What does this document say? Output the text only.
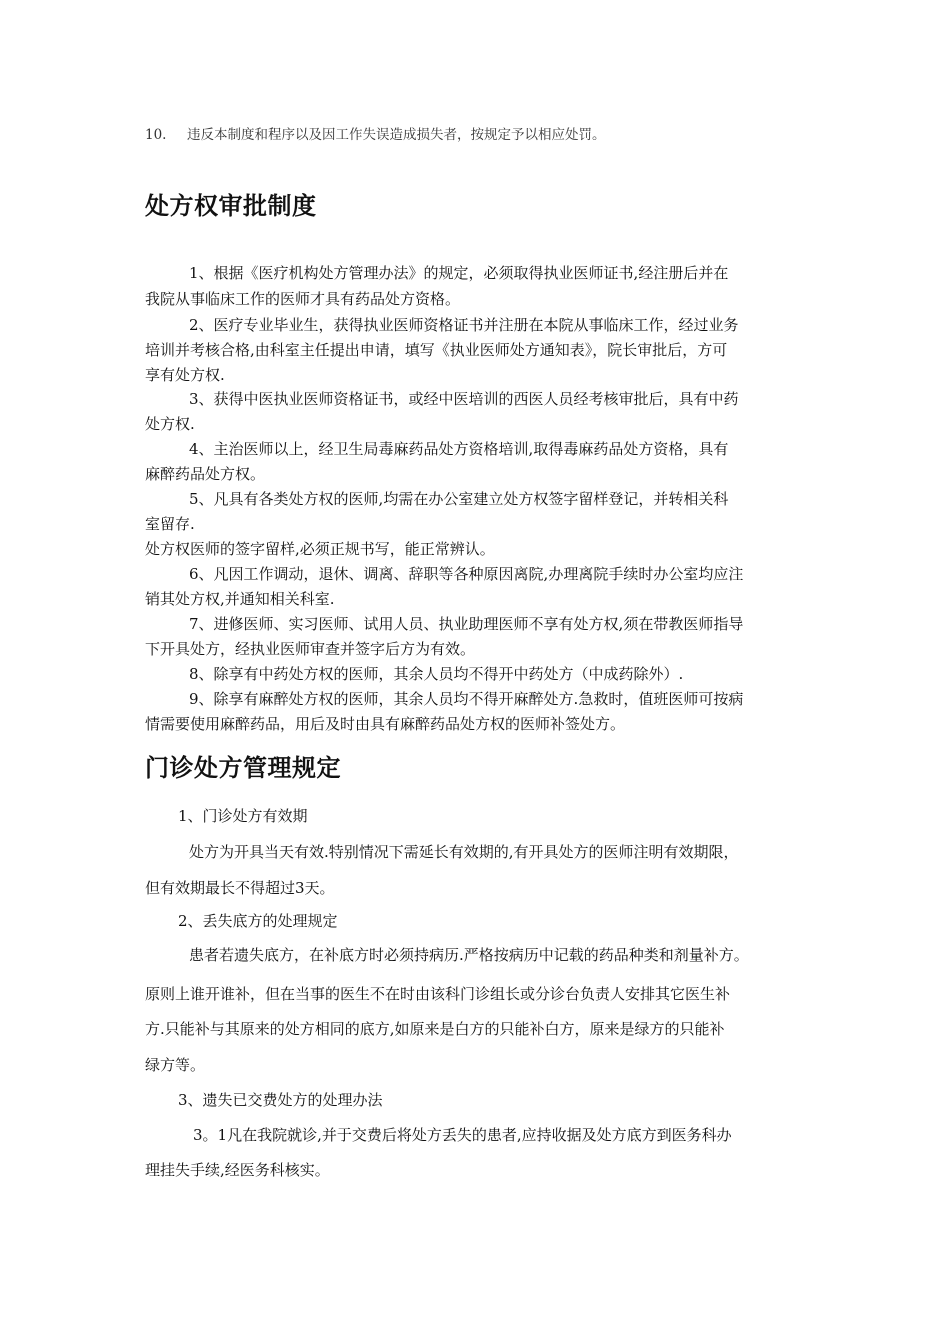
10. 违反本制度和程序以及因工作失误造成损失者，按规定予以相应处罚。
处方权审批制度
1、根据《医疗机构处方管理办法》的规定，必须取得执业医师证书,经注册后并在
我院从事临床工作的医师才具有药品处方资格。
2、医疗专业毕业生，获得执业医师资格证书并注册在本院从事临床工作，经过业务
培训并考核合格,由科室主任提出申请，填写《执业医师处方通知表》，院长审批后，方可
享有处方权.
3、获得中医执业医师资格证书，或经中医培训的西医人员经考核审批后，具有中药
处方权.
4、主治医师以上，经卫生局毒麻药品处方资格培训,取得毒麻药品处方资格，具有
麻醉药品处方权。
5、凡具有各类处方权的医师,均需在办公室建立处方权签字留样登记，并转相关科
室留存.
处方权医师的签字留样,必须正规书写，能正常辨认。
6、凡因工作调动，退休、调离、辞职等各种原因离院,办理离院手续时办公室均应注
销其处方权,并通知相关科室.
7、进修医师、实习医师、试用人员、执业助理医师不享有处方权,须在带教医师指导
下开具处方，经执业医师审查并签字后方为有效。
8、除享有中药处方权的医师，其余人员均不得开中药处方（中成药除外）.
9、除享有麻醉处方权的医师，其余人员均不得开麻醉处方.急救时，值班医师可按病
情需要使用麻醉药品，用后及时由具有麻醉药品处方权的医师补签处方。
门诊处方管理规定
1、门诊处方有效期
处方为开具当天有效.特别情况下需延长有效期的,有开具处方的医师注明有效期限，
但有效期最长不得超过3天。
2、丢失底方的处理规定
患者若遗失底方，在补底方时必须持病历.严格按病历中记载的药品种类和剂量补方。
原则上谁开谁补，但在当事的医生不在时由该科门诊组长或分诊台负责人安排其它医生补
方.只能补与其原来的处方相同的底方,如原来是白方的只能补白方，原来是绿方的只能补
绿方等。
3、遗失已交费处方的处理办法
3。1凡在我院就诊,并于交费后将处方丢失的患者,应持收据及处方底方到医务科办
理挂失手续,经医务科核实。
